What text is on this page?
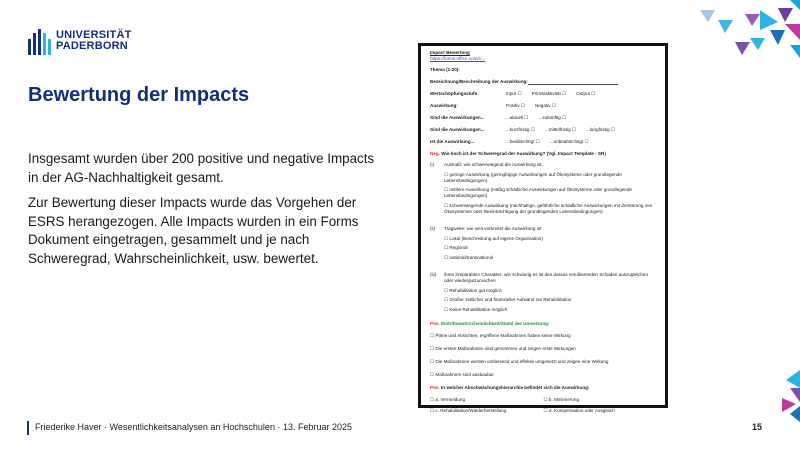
UNIVERSITÄT
PADERBORN
Bewertung der Impacts

Insgesamt wurden über 200 positive und negative Impacts in der AG-Nachhaltigkeit gesamt.

Zur Bewertung dieser Impacts wurde das Vorgehen der ESRS herangezogen. Alle Impacts wurden in ein Forms Dokument eingetragen, gesammelt und je nach Schweregrad, Wahrscheinlichkeit, usw. bewertet.

Impact Bewertung
https://forms.office.com/r/...
Thema (1-20):
Bezeichnung/Beschreibung der Auswirkung:
Wertschöpfungsstufe:	Input ☐ Primäraktivität ☐ Output ☐
Auswirkung:	Positiv ☐ Negativ ☐
Sind die Auswirkungen...	...aktuell ☐ ...zukünftig ☐
Sind die Auswirkungen...	...kurzfristig ☐ ...mittelfristig ☐ ...langfristig ☐
Ist die Auswirkung...	...beabsichtigt ☐ ...unbeabsichtigt ☐
Neg. Wie hoch ist der Schweregrad der Auswirkung? (Vgl. Impact Template - SR)
(i)	Ausmaß: wie schwerwiegend die Auswirkung ist,
☐ geringe Auswirkung (geringfügige Auswirkungen auf Ökosysteme oder grundlegende Lebensbedingungen)
☐ mittlere Auswirkung (mäßig schädliche Auswirkungen auf Ökosysteme oder grundlegende Lebensbedingungen)
☐ schwerwiegende Auswirkung (nachhaltige, gefährliche schädliche Auswirkungen mit Zerstörung von Ökosystemen oder Beeinträchtigung der grundlegenden Lebensbedingungen)
(ii)	Tragweite: wie weit verbreitet die Auswirkung ist
☐ Lokal (Beschreibung auf eigene Organisation)
☐ Regional
☐ national/transnational
(iii)	ihren irreparablen Charakter: wie schwierig es ist den daraus resultierenden Schaden auszugleichen oder wiedergutzumachen
☐ Rehabilitation gut möglich
☐ Großer zeitlicher und finanzieller Aufwand zur Rehabilitation
☐ Keine Rehabilitation möglich
Pos. Eintrittswahrscheinlichkeit/Stand der Umsetzung:
☐ Pläne und Absichten; ergriffene Maßnahmen haben keine Wirkung
☐ Die ersten Maßnahmen sind genommen und zeigen erste Wirkungen
☐ Die Maßnahmen werden umfassend und effektiv umgesetzt und zeigen eine Wirkung
☐ Maßnahmen sind ausbaubar
Pos. In welcher Abschwächungshierarchie befindet sich die Auswirkung:
☐ a. Vermeidung	☐ b. Minimierung
☐ c. Rehabilitation/Wiederherstellung	☐ d. Kompensation oder Ausgleich
Friederike Haver · Wesentlichkeitsanalysen an Hochschulen · 13. Februar 2025	15
